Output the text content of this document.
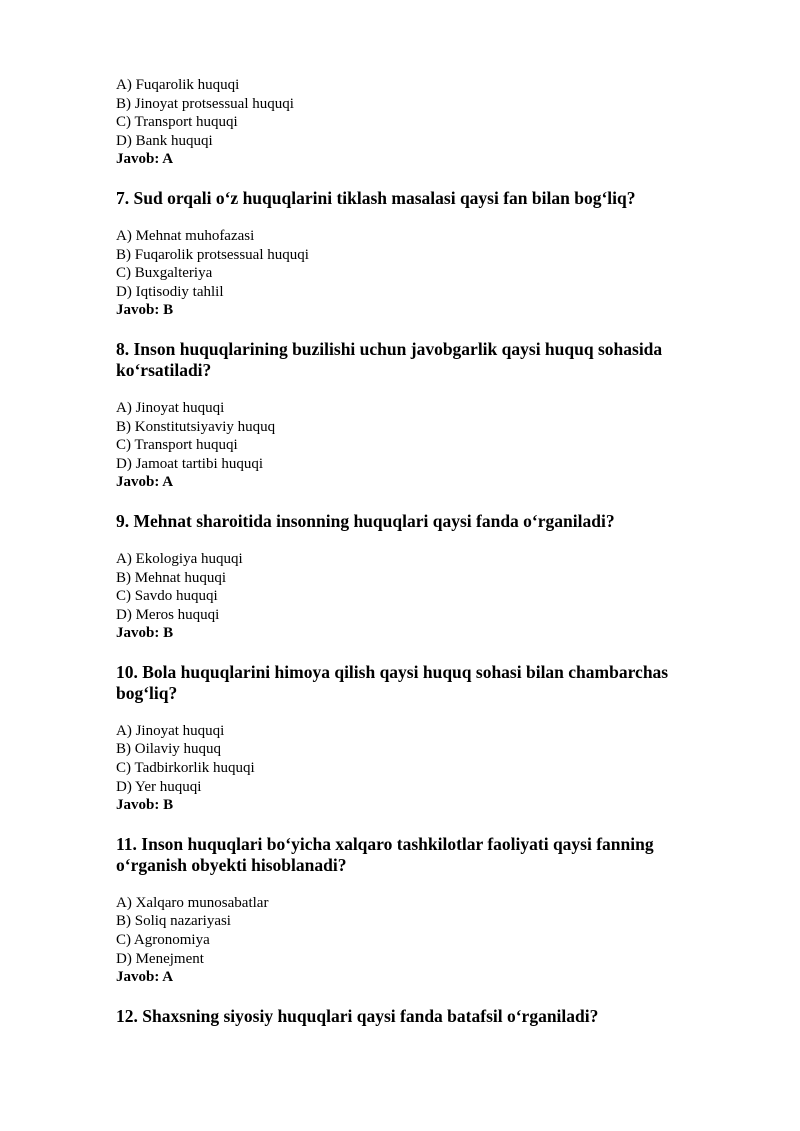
A) Fuqarolik huquqi
B) Jinoyat protsessual huquqi
C) Transport huquqi
D) Bank huquqi
Javob: A
7. Sud orqali o‘z huquqlarini tiklash masalasi qaysi fan bilan bog‘liq?
A) Mehnat muhofazasi
B) Fuqarolik protsessual huquqi
C) Buxgalteriya
D) Iqtisodiy tahlil
Javob: B
8. Inson huquqlarining buzilishi uchun javobgarlik qaysi huquq sohasida ko‘rsatiladi?
A) Jinoyat huquqi
B) Konstitutsiyaviy huquq
C) Transport huquqi
D) Jamoat tartibi huquqi
Javob: A
9. Mehnat sharoitida insonning huquqlari qaysi fanda o‘rganiladi?
A) Ekologiya huquqi
B) Mehnat huquqi
C) Savdo huquqi
D) Meros huquqi
Javob: B
10. Bola huquqlarini himoya qilish qaysi huquq sohasi bilan chambarchas bog‘liq?
A) Jinoyat huquqi
B) Oilaviy huquq
C) Tadbirkorlik huquqi
D) Yer huquqi
Javob: B
11. Inson huquqlari bo‘yicha xalqaro tashkilotlar faoliyati qaysi fanning o‘rganish obyekti hisoblanadi?
A) Xalqaro munosabatlar
B) Soliq nazariyasi
C) Agronomiya
D) Menejment
Javob: A
12. Shaxsning siyosiy huquqlari qaysi fanda batafsil o‘rganiladi?
